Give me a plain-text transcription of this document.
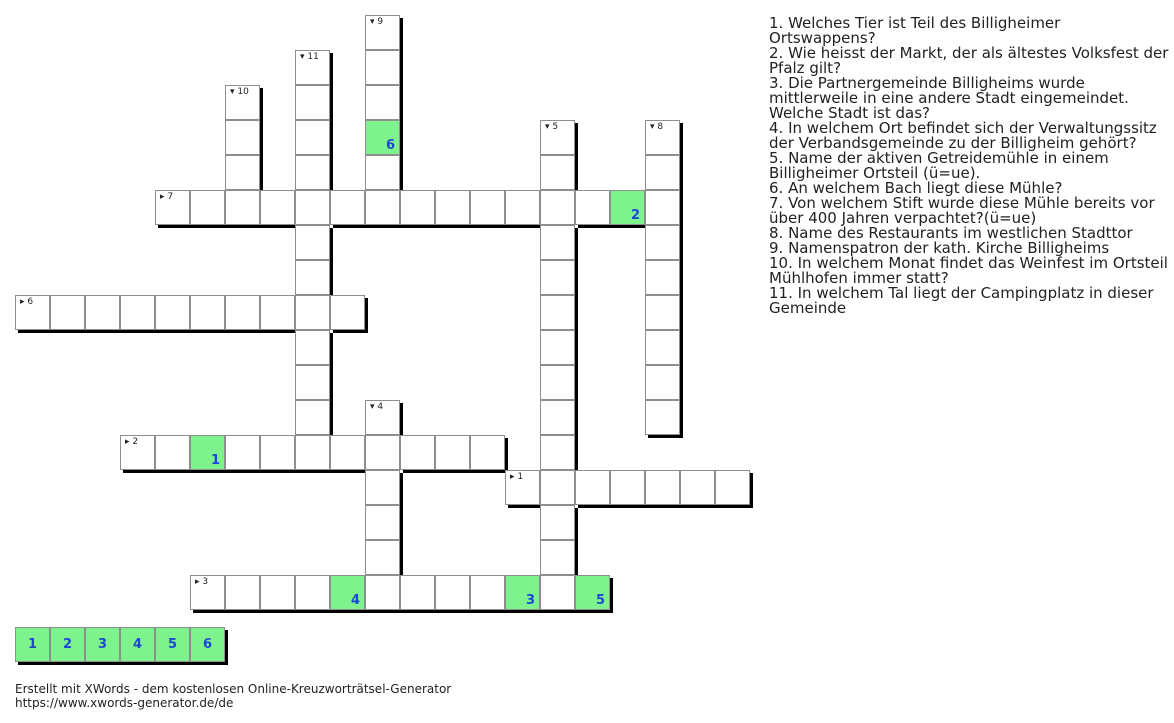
▾ 9
6
▾ 11
▾ 10
▾ 5	▾ 8
▸ 7
2
▸ 6
▾ 4
▸ 2
1
▸ 1
▸ 3
4	3	5

1. Welches Tier ist Teil des Billigheimer Ortswappens?

2. Wie heisst der Markt, der als ältestes Volksfest der Pfalz gilt?

3. Die Partnergemeinde Billigheims wurde mittlerweile in eine andere Stadt eingemeindet. Welche Stadt ist das?

4. In welchem Ort befindet sich der Verwaltungssitz der Verbandsgemeinde zu der Billigheim gehört?

5. Name der aktiven Getreidemühle in einem Billigheimer Ortsteil (ü=ue).

6. An welchem Bach liegt diese Mühle?

7. Von welchem Stift wurde diese Mühle bereits vor über 400 Jahren verpachtet?(ü=ue)

8. Name des Restaurants im westlichen Stadttor

9. Namenspatron der kath. Kirche Billigheims

10. In welchem Monat findet das Weinfest im Ortsteil Mühlhofen immer statt?

11. In welchem Tal liegt der Campingplatz in dieser Gemeinde

1	2	3	4	5	6
Erstellt mit XWords - dem kostenlosen Online-Kreuzworträtsel-Generator
https://www.xwords-generator.de/de
